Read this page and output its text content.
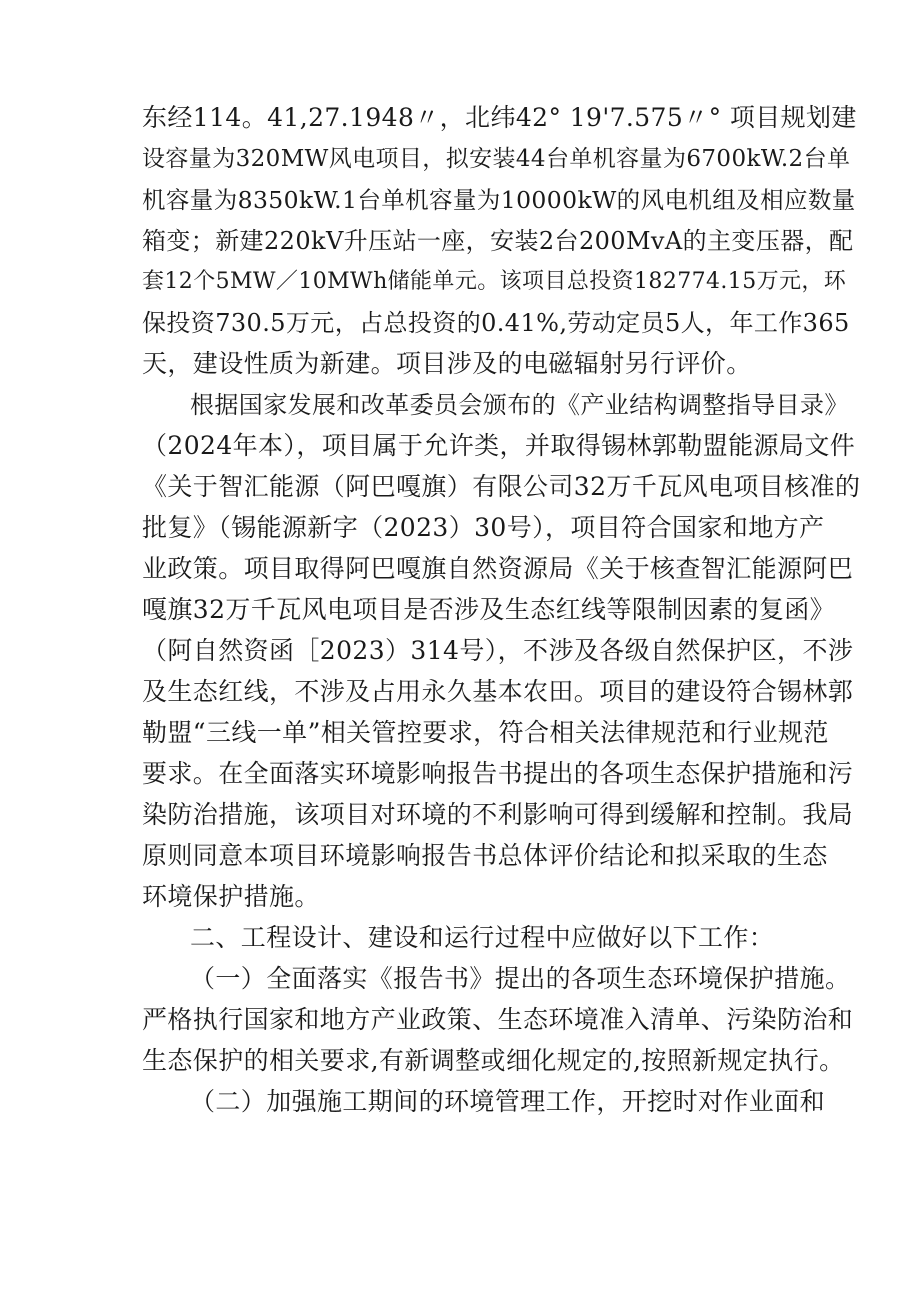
东经114。41,27.1948〃，北纬42° 19'7.575〃° 项目规划建
设容量为320MW风电项目，拟安装44台单机容量为6700kW.2台单
机容量为8350kW.1台单机容量为10000kW的风电机组及相应数量
箱变；新建220kV升压站一座，安装2台200MvA的主变压器，配
套12个5MW／10MWh储能单元。该项目总投资182774.15万元，环
保投资730.5万元，占总投资的0.41%,劳动定员5人，年工作365
天，建设性质为新建。项目涉及的电磁辐射另行评价。
根据国家发展和改革委员会颁布的《产业结构调整指导目录》
（2024年本），项目属于允许类，并取得锡林郭勒盟能源局文件
《关于智汇能源（阿巴嘎旗）有限公司32万千瓦风电项目核准的
批复》（锡能源新字（2023）30号），项目符合国家和地方产
业政策。项目取得阿巴嘎旗自然资源局《关于核查智汇能源阿巴
嘎旗32万千瓦风电项目是否涉及生态红线等限制因素的复函》
（阿自然资函［2023）314号），不涉及各级自然保护区，不涉
及生态红线，不涉及占用永久基本农田。项目的建设符合锡林郭
勒盟“三线一单”相关管控要求，符合相关法律规范和行业规范
要求。在全面落实环境影响报告书提出的各项生态保护措施和污
染防治措施，该项目对环境的不利影响可得到缓解和控制。我局
原则同意本项目环境影响报告书总体评价结论和拟采取的生态
环境保护措施。
二、工程设计、建设和运行过程中应做好以下工作：
（一）全面落实《报告书》提出的各项生态环境保护措施。
严格执行国家和地方产业政策、生态环境准入清单、污染防治和
生态保护的相关要求,有新调整或细化规定的,按照新规定执行。
（二）加强施工期间的环境管理工作，开挖时对作业面和
